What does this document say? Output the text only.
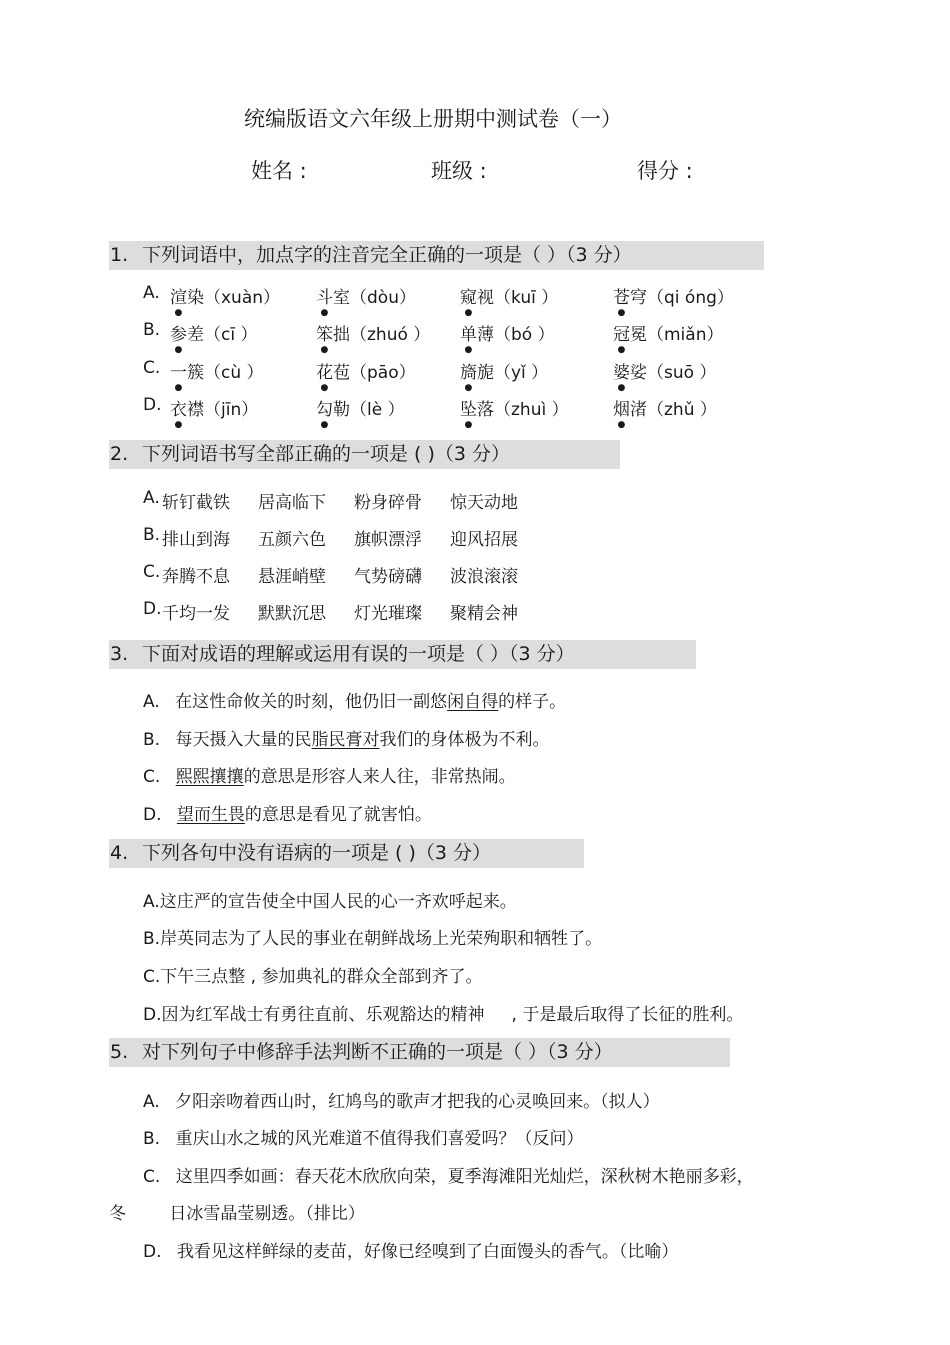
统编版语文六年级上册期中测试卷（一）
姓名 :	班级 :	得分 :
1. 下列词语中，加点字的注音完全正确的一项是（ ）（3 分）
A. 渲染（xuàn） 斗室（dòu）	窥视（kuī ）	苍穹（qi óng）
B. 参差（cī ）	笨拙（zhuó ） 单薄（bó ）	冠冕（miǎn）
C. 一簇（cù ）	花苞（pāo）	旖旎（yǐ ）	婆娑（suō ）
D. 衣襟（jīn）	勾勒（lè ）	坠落（zhuì ）	烟渚（zhǔ ）
2. 下列词语书写全部正确的一项是 ( )（3 分）
A. 斩钉截铁 居高临下 粉身碎骨 惊天动地
B. 排山到海 五颜六色 旗帜漂浮 迎风招展
C. 奔腾不息 悬涯峭壁 气势磅礴 波浪滚滚
D. 千均一发 默默沉思 灯光璀璨 聚精会神
3. 下面对成语的理解或运用有误的一项是（ ）（3 分）
A. 在这性命攸关的时刻，他仍旧一副悠闲自得的样子。
B. 每天摄入大量的民脂民膏对我们的身体极为不利。
C. 熙熙攘攘的意思是形容人来人往，非常热闹。
D. 望而生畏的意思是看见了就害怕。
4. 下列各句中没有语病的一项是 ( )（3 分）
A.这庄严的宣告使全中国人民的心一齐欢呼起来。
B.岸英同志为了人民的事业在朝鲜战场上光荣殉职和牺牲了。
C.下午三点整 , 参加典礼的群众全部到齐了。
D.因为红军战士有勇往直前、乐观豁达的精神     , 于是最后取得了长征的胜利。
5. 对下列句子中修辞手法判断不正确的一项是（ ）（3 分）
A. 夕阳亲吻着西山时，红鸠鸟的歌声才把我的心灵唤回来。（拟人）
B. 重庆山水之城的风光难道不值得我们喜爱吗？（反问）
C. 这里四季如画：春天花木欣欣向荣，夏季海滩阳光灿烂，深秋树木艳丽多彩，
冬	日冰雪晶莹剔透。（排比）
D. 我看见这样鲜绿的麦苗，好像已经嗅到了白面馒头的香气。（比喻）
